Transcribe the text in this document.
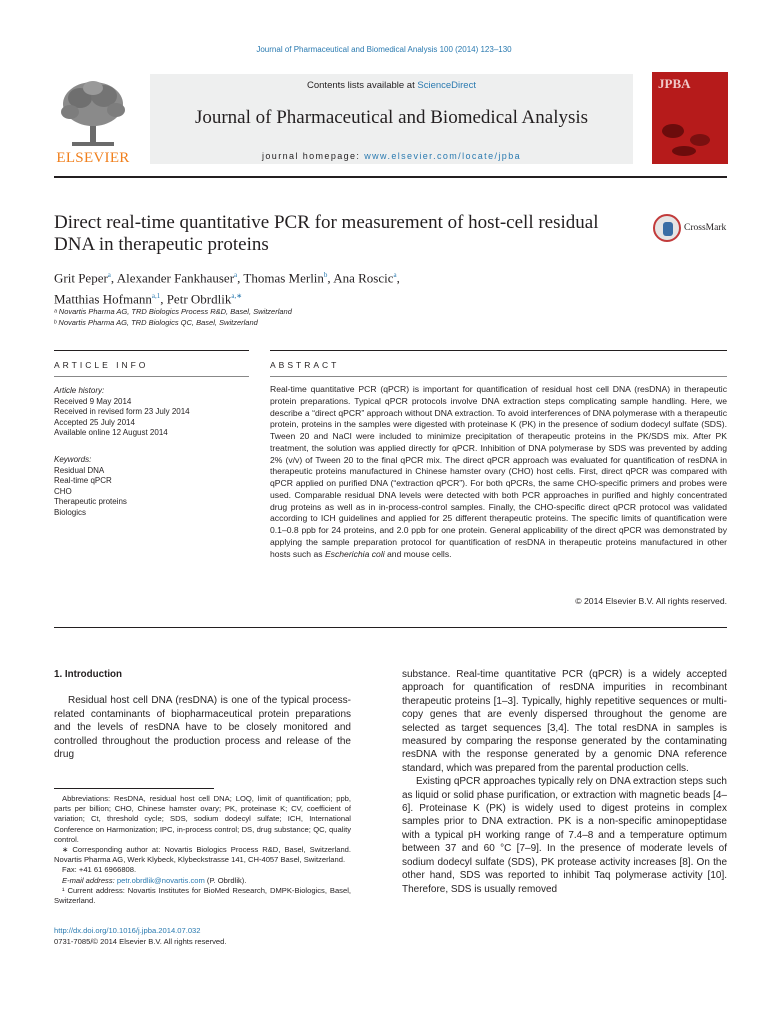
Journal of Pharmaceutical and Biomedical Analysis 100 (2014) 123–130
ELSEVIER
Contents lists available at ScienceDirect
Journal of Pharmaceutical and Biomedical Analysis
journal homepage: www.elsevier.com/locate/jpba
JPBA
Direct real-time quantitative PCR for measurement of host-cell residual DNA in therapeutic proteins
CrossMark
Grit Peper$^a$, Alexander Fankhauser$^a$, Thomas Merlin$^b$, Ana Roscic$^a$,
Matthias Hofmann$^{a,1}$, Petr Obrdlik$^{a,∗}$
ᵃ Novartis Pharma AG, TRD Biologics Process R&D, Basel, Switzerland
ᵇ Novartis Pharma AG, TRD Biologics QC, Basel, Switzerland
ARTICLE INFO	ABSTRACT
Article history:
Received 9 May 2014
Received in revised form 23 July 2014
Accepted 25 July 2014
Available online 12 August 2014
Keywords:
Residual DNA
Real-time qPCR
CHO
Therapeutic proteins
Biologics
Real-time quantitative PCR (qPCR) is important for quantification of residual host cell DNA (resDNA) in therapeutic protein preparations. Typical qPCR protocols involve DNA extraction steps complicating sample handling. Here, we describe a “direct qPCR” approach without DNA extraction. To avoid interferences of DNA polymerase with a therapeutic protein, proteins in the samples were digested with proteinase K (PK) in the presence of sodium dodecyl sulfate (SDS). Tween 20 and NaCl were included to minimize precipitation of therapeutic proteins in the PK/SDS mix. After PK treatment, the solution was applied directly for qPCR. Inhibition of DNA polymerase by SDS was prevented by adding 2% (v/v) of Tween 20 to the final qPCR mix. The direct qPCR approach was evaluated for quantification of resDNA in therapeutic proteins manufactured in Chinese hamster ovary (CHO) host cells. First, direct qPCR was compared with qPCR applied on purified DNA (“extraction qPCR”). For both qPCRs, the same CHO-specific primers and probes were used. Comparable residual DNA levels were detected with both PCR approaches in purified and highly concentrated drug proteins as well as in in-process-control samples. Finally, the CHO-specific direct qPCR protocol was validated according to ICH guidelines and applied for 25 different therapeutic proteins. The specific limits of quantification were 0.1–0.8 ppb for 24 proteins, and 2.0 ppb for one protein. General applicability of the direct qPCR was demonstrated by applying the sample preparation protocol for quantification of resDNA in therapeutic proteins manufactured in other hosts such as Escherichia coli and mouse cells.
© 2014 Elsevier B.V. All rights reserved.
1. Introduction

Residual host cell DNA (resDNA) is one of the typical process-related contaminants of biopharmaceutical protein preparations and the levels of resDNA have to be closely monitored and controlled throughout the production process and release of the drug

Abbreviations: ResDNA, residual host cell DNA; LOQ, limit of quantification; ppb, parts per billion; CHO, Chinese hamster ovary; PK, proteinase K; CV, coefficient of variation; Ct, threshold cycle; SDS, sodium dodecyl sulfate; ICH, International Conference on Harmonization; IPC, in-process control; DS, drug substance; QC, quality control.

∗ Corresponding author at: Novartis Biologics Process R&D, Basel, Switzerland. Novartis Pharma AG, Werk Klybeck, Klybeckstrasse 141, CH-4057 Basel, Switzerland.

Fax: +41 61 6966808.

E-mail address: petr.obrdlik@novartis.com (P. Obrdlik).

¹ Current address: Novartis Institutes for BioMed Research, DMPK-Biologics, Basel, Switzerland.

http://dx.doi.org/10.1016/j.jpba.2014.07.032
0731-7085/© 2014 Elsevier B.V. All rights reserved.

substance. Real-time quantitative PCR (qPCR) is a widely accepted approach for quantification of resDNA impurities in recombinant therapeutic proteins [1–3]. Typically, highly repetitive sequences or multi-copy genes that are evenly dispersed throughout the genome are selected as target sequences [3,4]. The total resDNA in samples is measured by comparing the response generated by the contaminating resDNA with the response generated by a genomic DNA reference standard, which was prepared from the parental production cells.

Existing qPCR approaches typically rely on DNA extraction steps such as liquid or solid phase purification, or extraction with magnetic beads [4–6]. Proteinase K (PK) is widely used to digest proteins in complex samples prior to DNA extraction. PK is a non-specific aminopeptidase with a typical pH working range of 7.4–8 and a temperature optimum between 37 and 60 °C [7–9]. In the presence of moderate levels of sodium dodecyl sulfate (SDS), PK protease activity increases [8]. On the other hand, SDS was reported to inhibit Taq polymerase activity [10]. Therefore, SDS is usually removed
